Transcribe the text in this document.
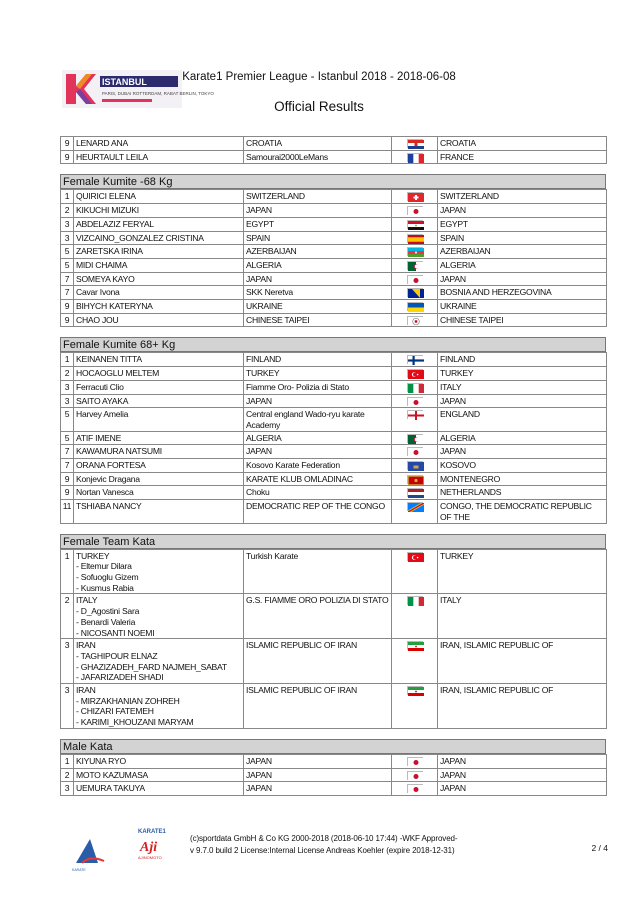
ISTANBUL
PARIS, DUBAI ROTTERDAM, RABAT BERLIN, TOKYO
Karate1 Premier League - Istanbul 2018 - 2018-06-08
Official Results
9	LENARD ANA	CROATIA		CROATIA
9	HEURTAULT LEILA	Samourai2000LeMans		FRANCE
Female Kumite -68 Kg
1	QUIRICI ELENA	SWITZERLAND		SWITZERLAND
2	KIKUCHI MIZUKI	JAPAN		JAPAN
3	ABDELAZIZ FERYAL	EGYPT		EGYPT
3	VIZCAINO_GONZALEZ CRISTINA	SPAIN		SPAIN
5	ZARETSKA IRINA	AZERBAIJAN		AZERBAIJAN
5	MIDI CHAIMA	ALGERIA		ALGERIA
7	SOMEYA KAYO	JAPAN		JAPAN
7	Cavar Ivona	SKK Neretva		BOSNIA AND HERZEGOVINA
9	BIHYCH KATERYNA	UKRAINE		UKRAINE
9	CHAO JOU	CHINESE TAIPEI		CHINESE TAIPEI
Female Kumite 68+ Kg
1	KEINANEN TITTA	FINLAND		FINLAND
2	HOCAOGLU MELTEM	TURKEY		TURKEY
3	Ferracuti Clio	Fiamme Oro- Polizia di Stato		ITALY
3	SAITO AYAKA	JAPAN		JAPAN
5	Harvey Amelia	Central england Wado-ryu karate Academy		ENGLAND
5	ATIF IMENE	ALGERIA		ALGERIA
7	KAWAMURA NATSUMI	JAPAN		JAPAN
7	ORANA FORTESA	Kosovo Karate Federation		KOSOVO
9	Konjevic Dragana	KARATE KLUB OMLADINAC		MONTENEGRO
9	Nortan Vanesca	Choku		NETHERLANDS
11	TSHIABA NANCY	DEMOCRATIC REP OF THE CONGO		CONGO, THE DEMOCRATIC REPUBLIC OF THE
Female Team Kata
1	TURKEY
- Eltemur Dilara
- Sofuoglu Gizem
- Kusmus Rabia	Turkish Karate		TURKEY
2	ITALY
- D_Agostini Sara
- Benardi Valeria
- NICOSANTI NOEMI	G.S. FIAMME ORO POLIZIA DI STATO		ITALY
3	IRAN
- TAGHIPOUR ELNAZ
- GHAZIZADEH_FARD NAJMEH_SABAT
- JAFARIZADEH SHADI	ISLAMIC REPUBLIC OF IRAN		IRAN, ISLAMIC REPUBLIC OF
3	IRAN
- MIRZAKHANIAN ZOHREH
- CHIZARI FATEMEH
- KARIMI_KHOUZANI MARYAM	ISLAMIC REPUBLIC OF IRAN		IRAN, ISLAMIC REPUBLIC OF
Male Kata
1	KIYUNA RYO	JAPAN		JAPAN
2	MOTO KAZUMASA	JAPAN		JAPAN
3	UEMURA TAKUYA	JAPAN		JAPAN
KARATE
KARATE1
Aji
AJINOMOTO
(c)sportdata GmbH & Co KG 2000-2018 (2018-06-10 17:44) -WKF Approved-
v 9.7.0 build 2 License:Internal License Andreas Koehler (expire 2018-12-31)	2 / 4
